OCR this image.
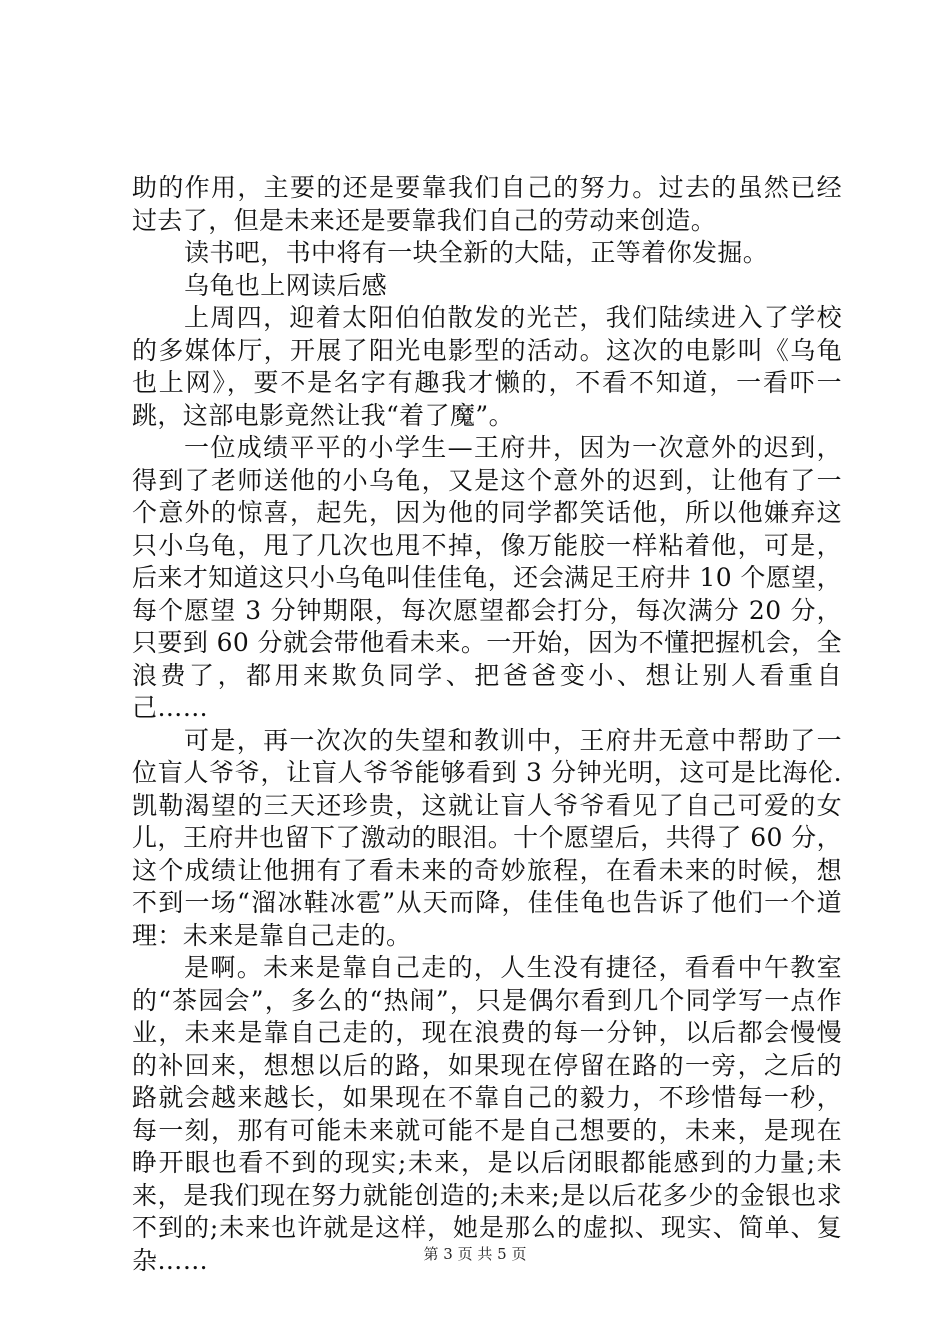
助的作用，主要的还是要靠我们自己的努力。过去的虽然已经过去了，但是未来还是要靠我们自己的劳动来创造。

读书吧，书中将有一块全新的大陆，正等着你发掘。

乌龟也上网读后感

上周四，迎着太阳伯伯散发的光芒，我们陆续进入了学校的多媒体厅，开展了阳光电影型的活动。这次的电影叫《乌龟也上网》，要不是名字有趣我才懒的，不看不知道，一看吓一跳，这部电影竟然让我“着了魔”。

一位成绩平平的小学生—王府井，因为一次意外的迟到，得到了老师送他的小乌龟，又是这个意外的迟到，让他有了一个意外的惊喜，起先，因为他的同学都笑话他，所以他嫌弃这只小乌龟，甩了几次也甩不掉，像万能胶一样粘着他，可是，后来才知道这只小乌龟叫佳佳龟，还会满足王府井 10 个愿望，每个愿望 3 分钟期限，每次愿望都会打分，每次满分 20 分，只要到 60 分就会带他看未来。一开始，因为不懂把握机会，全浪费了，都用来欺负同学、把爸爸变小、想让别人看重自己……

可是，再一次次的失望和教训中，王府井无意中帮助了一位盲人爷爷，让盲人爷爷能够看到 3 分钟光明，这可是比海伦.凯勒渴望的三天还珍贵，这就让盲人爷爷看见了自己可爱的女儿，王府井也留下了激动的眼泪。十个愿望后，共得了 60 分，这个成绩让他拥有了看未来的奇妙旅程，在看未来的时候，想不到一场“溜冰鞋冰雹”从天而降，佳佳龟也告诉了他们一个道理：未来是靠自己走的。

是啊。未来是靠自己走的，人生没有捷径，看看中午教室的“茶园会”，多么的“热闹”，只是偶尔看到几个同学写一点作业，未来是靠自己走的，现在浪费的每一分钟，以后都会慢慢的补回来，想想以后的路，如果现在停留在路的一旁，之后的路就会越来越长，如果现在不靠自己的毅力，不珍惜每一秒，每一刻，那有可能未来就可能不是自己想要的，未来，是现在睁开眼也看不到的现实;未来，是以后闭眼都能感到的力量;未来，是我们现在努力就能创造的;未来;是以后花多少的金银也求不到的;未来也许就是这样，她是那么的虚拟、现实、简单、复杂……	第 3 页 共 5 页
